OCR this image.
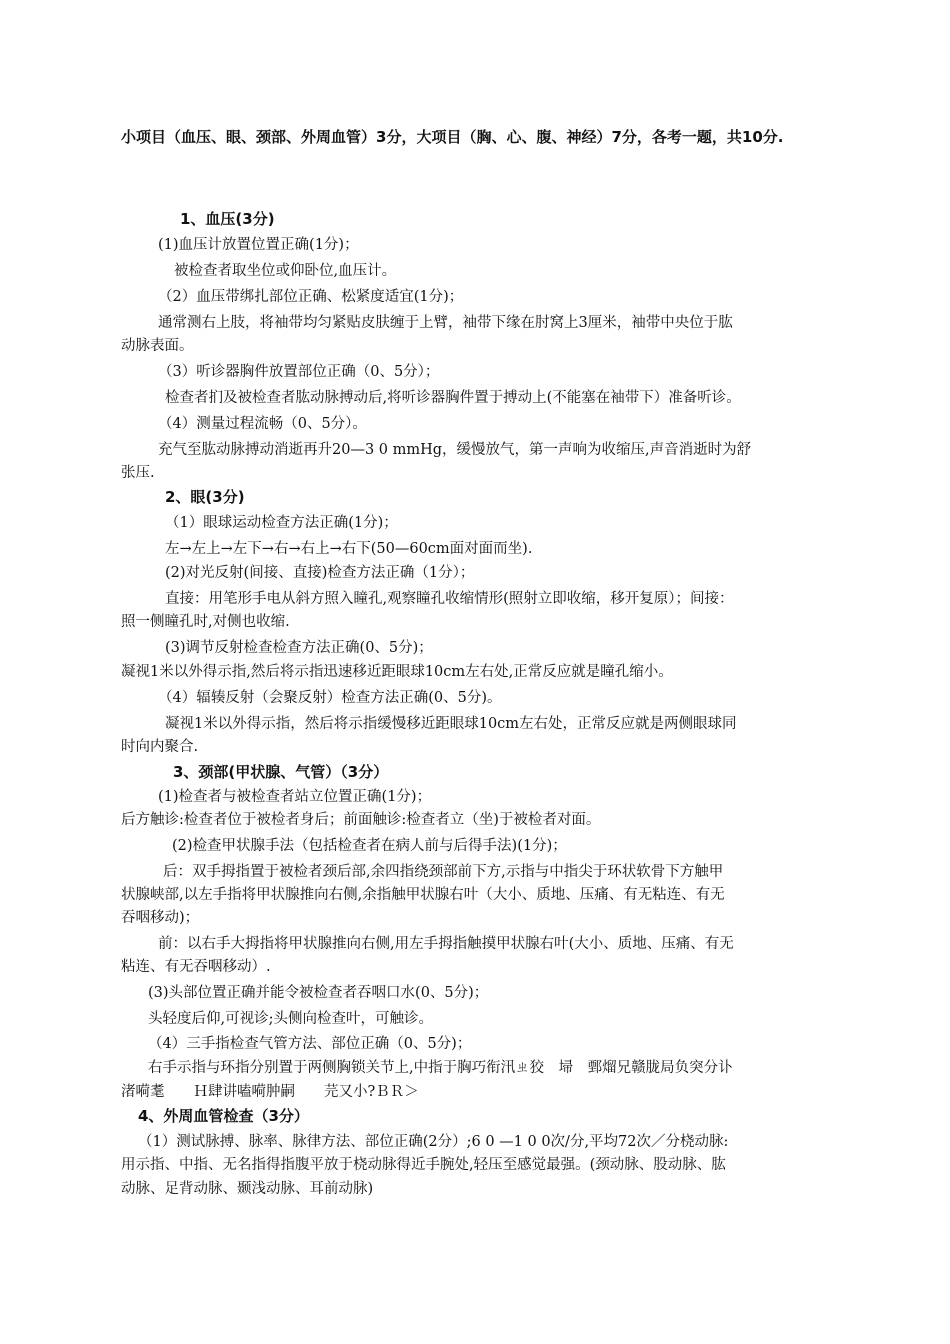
小项目（血压、眼、颈部、外周血管）3分，大项目（胸、心、腹、神经）7分，各考一题，共10分.
1、血压(3分)
(1)血压计放置位置正确(1分)；
被检查者取坐位或仰卧位,血压计。
（2）血压带绑扎部位正确、松紧度适宜(1分)；
通常测右上肢，将袖带均匀紧贴皮肤缠于上臂，袖带下缘在肘窝上3厘米，袖带中央位于肱
动脉表面。
（3）听诊器胸件放置部位正确（0、5分）；
检查者扪及被检查者肱动脉搏动后,将听诊器胸件置于搏动上(不能塞在袖带下）准备听诊。
（4）测量过程流畅（0、5分）。
充气至肱动脉搏动消逝再升20—3 0 mmHg，缓慢放气，第一声响为收缩压,声音消逝时为舒
张压.
2、眼(3分)
（1）眼球运动检查方法正确(1分)；
左→左上→左下→右→右上→右下(50—60cm面对面而坐).
(2)对光反射(间接、直接)检查方法正确（1分）；
直接：用笔形手电从斜方照入瞳孔,观察瞳孔收缩情形(照射立即收缩，移开复原）；间接：
照一侧瞳孔时,对侧也收缩.
(3)调节反射检查检查方法正确(0、5分)；
凝视1米以外得示指,然后将示指迅速移近距眼球10cm左右处,正常反应就是瞳孔缩小。
（4）辐辏反射（会聚反射）检查方法正确(0、5分)。
凝视1米以外得示指，然后将示指缓慢移近距眼球10cm左右处，正常反应就是两侧眼球同
时向内聚合.
3、颈部(甲状腺、气管）（3分）
(1)检查者与被检查者站立位置正确(1分)；
后方触诊:检查者位于被检者身后；前面触诊:检查者立（坐)于被检者对面。
(2)检查甲状腺手法（包括检查者在病人前与后得手法)(1分)；
后：双手拇指置于被检者颈后部,余四指绕颈部前下方,示指与中指尖于环状软骨下方触甲
状腺峡部,以左手指将甲状腺推向右侧,余指触甲状腺右叶（大小、质地、压痛、有无粘连、有无
吞咽移动)；
前：以右手大拇指将甲状腺推向右侧,用左手拇指触摸甲状腺右叶(大小、质地、压痛、有无
粘连、有无吞咽移动）.
(3)头部位置正确并能令被检查者吞咽口水(0、5分)；
头轻度后仰,可视诊;头侧向检查叶，可触诊。
（4）三手指检查气管方法、部位正确（0、5分)；
右手示指与环指分别置于两侧胸锁关节上,中指于胸巧衔汛ㄓ狡　埽　鄄熘兄赣胧局负突分讣
渚嗬耄　　Ｈ肆讲嗑嗬肿嗣　　芫又小?ＢＲ＞
4、外周血管检查（3分）
（1）测试脉搏、脉率、脉律方法、部位正确(2分）;6 0 —1 0 0次/分,平均72次／分桡动脉:
用示指、中指、无名指得指腹平放于桡动脉得近手腕处,轻压至感觉最强。(颈动脉、股动脉、肱
动脉、足背动脉、颞浅动脉、耳前动脉)
